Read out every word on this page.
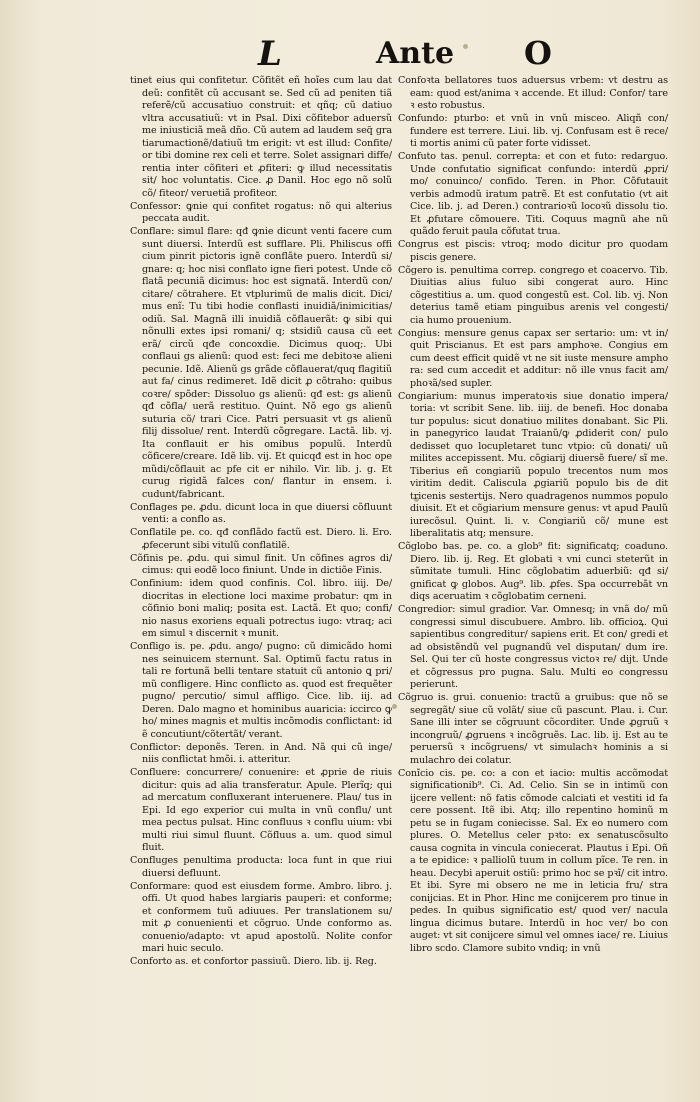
L	Ante O

tinet eius qui confitetur. Cõfitẽt eñ hoĩes cum lau dat deũ: confitẽt cũ accusant se. Sed cũ ad peniten tiã referẽ/cũ accusatiuo construit: et qñq; cũ datiuo vltra accusatiuũ: vt in Psal. Dixi cõfitebor aduersũ me iniusticiã meã dño. Cũ autem ad laudem seq̃ gra tiarumactionẽ/datiuũ tm erigit: vt est illud: Confite/ or tibi domine rex celi et terre. Solet assignari diffe/ rentia inter cõfiteri et ꝓfiteri: ꝙ illud necessitatis sit/ hoc voluntatis. Cice. ꝓ Danil. Hoc ego nõ solũ cõ/ fiteor/ veruetiã profiteor.

Confessor: ꝙnie qui confitet rogatus: nõ qui alterius peccata audit.

Conflare: simul flare: qđ ꝙnie dicunt venti facere cum sunt diuersi. Interdũ est sufflare. Pli. Philiscus offi cium pinrit pictoris ignẽ conflãte puero. Interdũ si/ gnare: q; hoc nisi conflato igne fieri potest. Unde cõ flatã pecuniã dicimus: hoc est signatã. Interdũ con/ citare/ cõtrahere. Et vtplurimũ de malis dicit. Dici/ mus enĩ: Tu tibi hodie conflasti inuidiã/inimicitias/ odiũ. Sal. Magnã illi inuidiã cõflauerãt: ꝙ sibi qui nõnulli extes ipsi romani/ q; stsidiũ causa cũ eet erã/ circũ qđe concoxdie. Dicimus quoq;. Ubi conflaui gs alienũ: quod est: feci me debitoꝛe alieni pecunie. Idẽ. Alienũ gs grãde cõflauerat/quq flagitiũ aut fa/ cinus redimeret. Idẽ dicit ꝓ cõtraho: quibus coꝛre/ spõder: Dissoluo gs alienũ: qđ est: gs alienũ qđ cõfla/ uerã restituo. Quint. Nõ ego gs alienũ suturia cõ/ trari Cice. Patri persuasit vt gs alienũ filij dissolue/ rent. Interdũ cõgregare. Lactã. lib. vj. Ita conflauit er his omibus populũ. Interdũ cõficere/creare. Idẽ lib. vij. Et quicqđ est in hoc ope mũdi/cõflauit ac pfe cit er nihilo. Vir. lib. j. g. Et curug rigidã falces con/ flantur in ensem. i. cudunt/fabricant.

Conflages pe. ꝓdu. dicunt loca in que diuersi cõfluunt venti: a conflo as.

Conflatile pe. co. qđ conflãdo factũ est. Diero. li. Ero. ꝓfecerunt sibi vitulũ conflatilẽ.

Cõfinis pe. ꝓdu. qui simul finit. Un cõfines agros di/ cimus: qui eodẽ loco finiunt. Unde in dictiõe Finis.

Confinium: idem quod confinis. Col. libro. iiij. De/ diocritas in electione loci maxime probatur: qm in cõfinio boni maliq; posita est. Lactã. Et quo; confi/ nio nasus exoriens equali potrectus iugo: vtraq; aci em simul ꝛ discernit ꝛ munit.

Confligo is. pe. ꝓdu. ango/ pugno: cũ dimicãdo homi nes seinuicem sternunt. Sal. Optimũ factu ratus in tali re fortunã belli tentare statuit cũ antonio ꝗ pri/ mũ confligere. Hinc conflicto as. quod est frequẽter pugno/ percutio/ simul affligo. Cice. lib. iij. ad Deren. Dalo magno et hominibus auaricia: iccirco ꝙ ho/ mines magnis et multis incõmodis conflictant: id ẽ concutiunt/cõtertãt/ verant.

Conflictor: deponẽs. Teren. in And. Nã qui cũ inge/ niis conflictat hmõi. i. atteritur.

Confluere: concurrere/ conuenire: et ꝓprie de riuis dicitur: quis ad alia transferatur. Apule. Plerĩq; qui ad mercatum confluxerant interuenere. Plau/ tus in Epi. Id ego experior cui multa in vnũ conflu/ unt mea pectus pulsat. Hinc confluus ꝛ conflu uium: vbi multi riui simul fluunt. Cõfluus a. um. quod simul fluit.

Confluges penultima producta: loca funt in que riui diuersi defluunt.

Conformare: quod est eiusdem forme. Ambro. libro. j. offi. Ut quod habes largiaris pauperi: et conforme; et conformem tuũ adiuues. Per translationem su/ mit ꝓ conuenienti et cõgruo. Unde conformo as. conuenio/adapto: vt apud apostolũ. Nolite confor mari huic seculo.

Conforto as. et confortor passiuũ. Diero. lib. ij. Reg.

Confoꝛta bellatores tuos aduersus vrbem: vt destru as eam: quod est/anima ꝛ accende. Et illud: Confor/ tare ꝛ esto robustus.

Confundo: pturbo: et vnũ in vnũ misceo. Aliqñ con/ fundere est terrere. Liui. lib. vj. Confusam est ẽ rece/ ti mortis animi cũ pater forte vidisset.

Confuto tas. penul. correpta: et con et futo: redarguo. Unde confutatio significat confundo: interdũ ꝓpri/ mo/ conuinco/ confido. Teren. in Phor. Cõfutauit verbis admodũ iratum patrẽ. Et est confutatio (vt ait Cice. lib. j. ad Deren.) contrarioꝛũ locoꝛũ dissolu tio. Et ꝓfutare cõmouere. Titi. Coquus magnũ ahe nũ quãdo feruit paula cõfutat trua.

Congrus est piscis: vtroq; modo dicitur pro quodam piscis genere.

Cõgero is. penultima correp. congrego et coacervo. Tib. Diuitias alius fuluo sibi congerat auro. Hinc cõgestitius a. um. quod congestũ est. Col. lib. vj. Non deterius tamẽ etiam pinguibus arenis vel congesti/ cia humo prouenium.

Congius: mensure genus capax ser sertario: um: vt in/ quit Priscianus. Et est pars amphoꝛe. Congius em cum deest efficit quidẽ vt ne sit iuste mensure ampho ra: sed cum accedit et additur: nõ ille vnus facit am/ phoꝛã/sed supler.

Congiarium: munus imperatoꝛis siue donatio impera/ toria: vt scribit Sene. lib. iiij. de benefi. Hoc donaba tur populus: sicut donatiuo milites donabant. Sic Pli. in panegyrico laudat Traianũ/ꝙ ꝓdiderit con/ pulo dedisset quo locupletaret tunc vtpio: cũ donati/ uũ milites accepissent. Mu. cõgiarij diuersẽ fuere/ sĩ me. Tiberius eñ congiariũ populo trecentos num mos viritim dedit. Caliscula ꝓgiariũ populo bis de dit tricenis sestertijs. Nero quadragenos nummos populo diuisit. Et et cõgiarium mensure genus: vt apud Paulũ iurecõsul. Quint. li. v. Congiariũ cõ/ mune est liberalitatis atq; mensure.

Cõglobo bas. pe. co. a glob⁹ fit: significatq; coaduno. Diero. lib. ij. Reg. Et globati ꝛ vni cunci steterũt in sũmitate tumuli. Hinc cõglobatim aduerbiũ: qđ si/ gnificat ꝙ globos. Aug⁹. lib. ꝓfes. Spa occurrebãt vn diqs aceruatim ꝛ cõglobatim cerneni.

Congredior: simul gradior. Var. Omnesq; in vnã do/ mũ congressi simul discubuere. Ambro. lib. officioꝝ. Qui sapientibus congreditur/ sapiens erit. Et con/ gredi et ad obsistẽndũ vel pugnandũ vel disputan/ dum ire. Sel. Qui ter cũ hoste congressus victoꝛ re/ dijt. Unde et cõgressus pro pugna. Salu. Multi eo congressu perierunt.

Cõgruo is. grui. conuenio: tractũ a gruibus: que nõ se segregãt/ siue cũ volãt/ siue cũ pascunt. Plau. i. Cur. Sane illi inter se cõgruunt cõcorditer. Unde ꝓgruũ ꝛ incongruũ/ ꝓgruens ꝛ incõgruẽs. Lac. lib. ij. Est au te peruersũ ꝛ incõgruens/ vt simulachꝛ hominis a si mulachro dei colatur.

Conĩcio cis. pe. co: a con et iacio: multis accõmodat significationib⁹. Ci. Ad. Celio. Sin se in intimũ con ijcere vellent: nõ fatis cõmode calciati et vestiti id fa cere possent. Itẽ ibi. Atq; illo repentino hominũ m petu se in fugam coniecisse. Sal. Ex eo numero com plures. O. Metellus celer pꝛto: ex senatuscõsulto causa cognita in vincula coniecerat. Plautus i Epi. Oñ a te epidice: ꝛ palliolũ tuum in collum pĩce. Te ren. in heau. Decybi aperuit ostiũ: primo hoc se pꝛĩ/ cit intro. Et ibi. Syre mi obsero ne me in leticia fru/ stra conijcias. Et in Phor. Hinc me conijcerem pro tinue in pedes. In quibus significatio est/ quod ver/ nacula lingua dicimus butare. Interdũ in hoc ver/ bo con auget: vt sit conijcere simul vel omnes iace/ re. Liuius libro scdo. Clamore subito vndiq; in vnũ
